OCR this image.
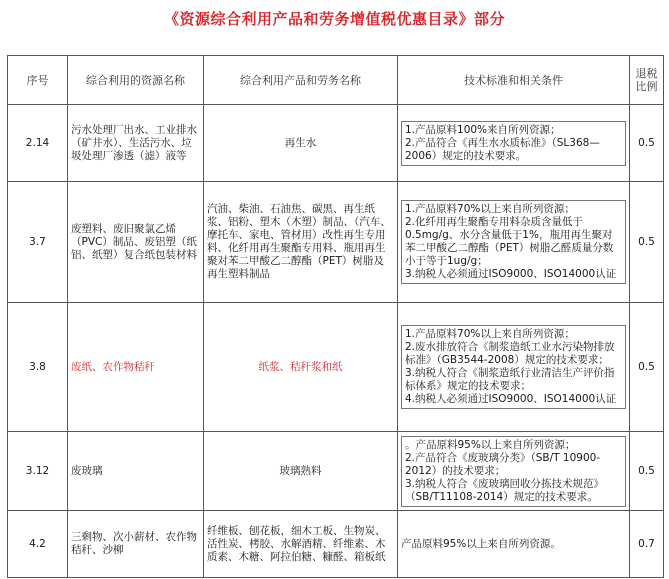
《资源综合利用产品和劳务增值税优惠目录》部分
序号	综合利用的资源名称	综合利用产品和劳务名称	技术标准和相关条件	退税比例
2.14	污水处理厂出水、工业排水（矿井水）、生活污水、垃圾处理厂渗透（滤）液等	再生水	1.产品原料100%来自所列资源；
2.产品符合《再生水水质标准》（SL368—2006）规定的技术要求。	0.5
3.7	废塑料、废旧聚氯乙烯（PVC）制品、废铝塑（纸铝、纸塑）复合纸包装材料	汽油、柴油、石油焦、碳黑、再生纸浆、铝粉、塑木（木塑）制品、（汽车、摩托车、家电、管材用）改性再生专用料、化纤用再生聚酯专用料、瓶用再生聚对苯二甲酸乙二醇酯（PET）树脂及再生塑料制品	1.产品原料70%以上来自所列资源；
2.化纤用再生聚酯专用料杂质含量低于0.5mg/g、水分含量低于1%，瓶用再生聚对苯二甲酸乙二醇酯（PET）树脂乙醛质量分数小于等于1ug/g；
3.纳税人必须通过ISO9000、ISO14000认证	0.5
3.8	废纸、农作物秸秆	纸浆、秸秆浆和纸	1.产品原料70%以上来自所列资源；
2.废水排放符合《制浆造纸工业水污染物排放标准》（GB3544-2008）规定的技术要求；
3.纳税人符合《制浆造纸行业清洁生产评价指标体系》规定的技术要求；
4.纳税人必须通过ISO9000、ISO14000认证	0.5
3.12	废玻璃	玻璃熟料	。产品原料95%以上来自所列资源；
2.产品符合《废玻璃分类》（SB/T 10900-2012）的技术要求；
3.纳税人符合《废玻璃回收分拣技术规范》（SB/T11108-2014）规定的技术要求。	0.5
4.2	三剩物、次小薪材、农作物秸秆、沙柳	纤维板、刨花板，细木工板、生物炭、活性炭、栲胶、水解酒精、纤维素、木质素、木糖、阿拉伯糖、糠醛、箱板纸	产品原料95%以上来自所列资源。	0.7
